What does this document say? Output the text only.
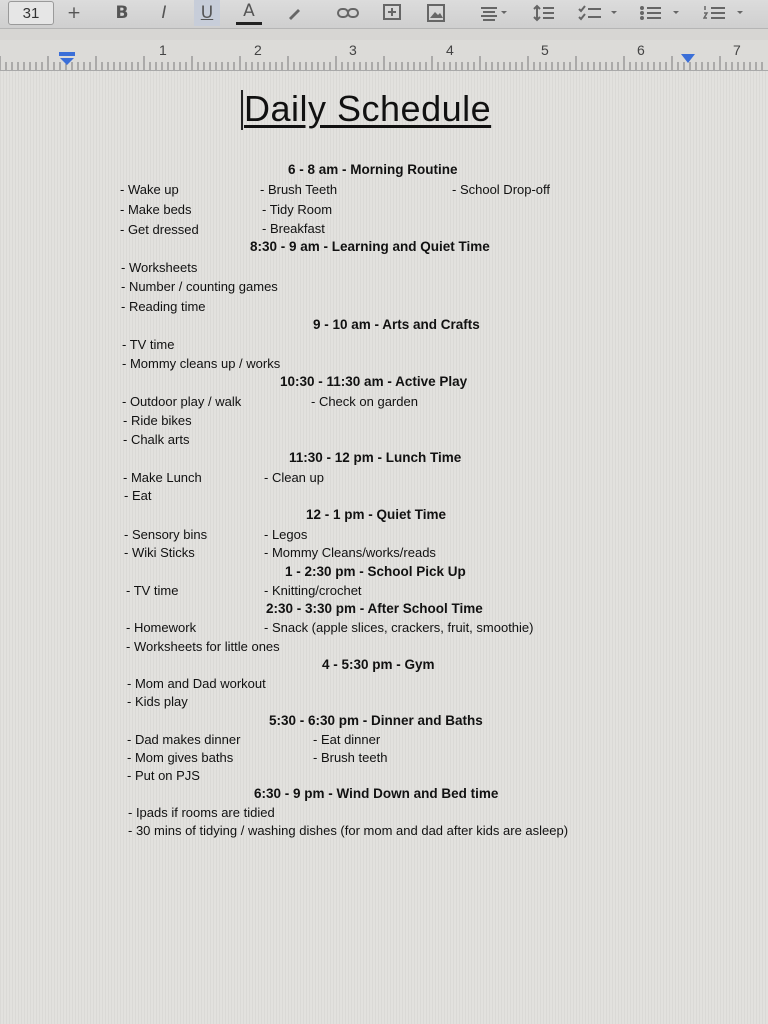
31	+	B	I	U	A
1	2	3	4	5	6	7
Daily Schedule
6 - 8 am - Morning Routine
- Wake up	- Brush Teeth	- School Drop-off
- Make beds	- Tidy Room
- Get dressed	- Breakfast
8:30 - 9 am - Learning and Quiet Time
- Worksheets
- Number / counting games
- Reading time
9 - 10 am - Arts and Crafts
- TV time
- Mommy cleans up / works
10:30 - 11:30 am - Active Play
- Outdoor play / walk	- Check on garden
- Ride bikes
- Chalk arts
11:30 - 12 pm - Lunch Time
- Make Lunch	- Clean up
- Eat
12 - 1 pm - Quiet Time
- Sensory bins	- Legos
- Wiki Sticks	- Mommy Cleans/works/reads
1 - 2:30 pm - School Pick Up
- TV time	- Knitting/crochet
2:30 - 3:30 pm - After School Time
- Homework	- Snack (apple slices, crackers, fruit, smoothie)
- Worksheets for little ones
4 - 5:30 pm - Gym
- Mom and Dad workout
- Kids play
5:30 - 6:30 pm - Dinner and Baths
- Dad makes dinner	- Eat dinner
- Mom gives baths	- Brush teeth
- Put on PJS
6:30 - 9 pm - Wind Down and Bed time
- Ipads if rooms are tidied
- 30 mins of tidying / washing dishes (for mom and dad after kids are asleep)
